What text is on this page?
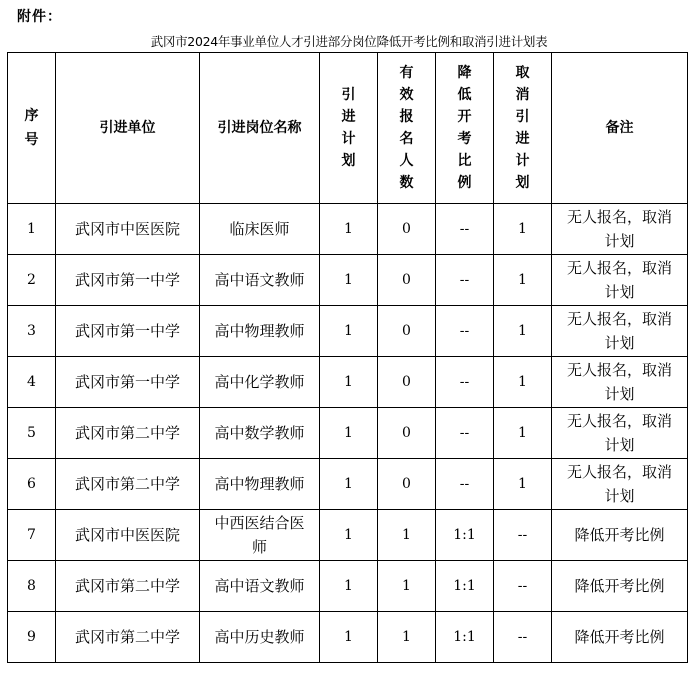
附件：
武冈市2024年事业单位人才引进部分岗位降低开考比例和取消引进计划表
序号	引进单位	引进岗位名称	引进计划	有效报名人数	降低开考比例	取消引进计划	备注
1	武冈市中医医院	临床医师	1	0	--	1	无人报名，取消计划
2	武冈市第一中学	高中语文教师	1	0	--	1	无人报名，取消计划
3	武冈市第一中学	高中物理教师	1	0	--	1	无人报名，取消计划
4	武冈市第一中学	高中化学教师	1	0	--	1	无人报名，取消计划
5	武冈市第二中学	高中数学教师	1	0	--	1	无人报名，取消计划
6	武冈市第二中学	高中物理教师	1	0	--	1	无人报名，取消计划
7	武冈市中医医院	中西医结合医师	1	1	1:1	--	降低开考比例
8	武冈市第二中学	高中语文教师	1	1	1:1	--	降低开考比例
9	武冈市第二中学	高中历史教师	1	1	1:1	--	降低开考比例
